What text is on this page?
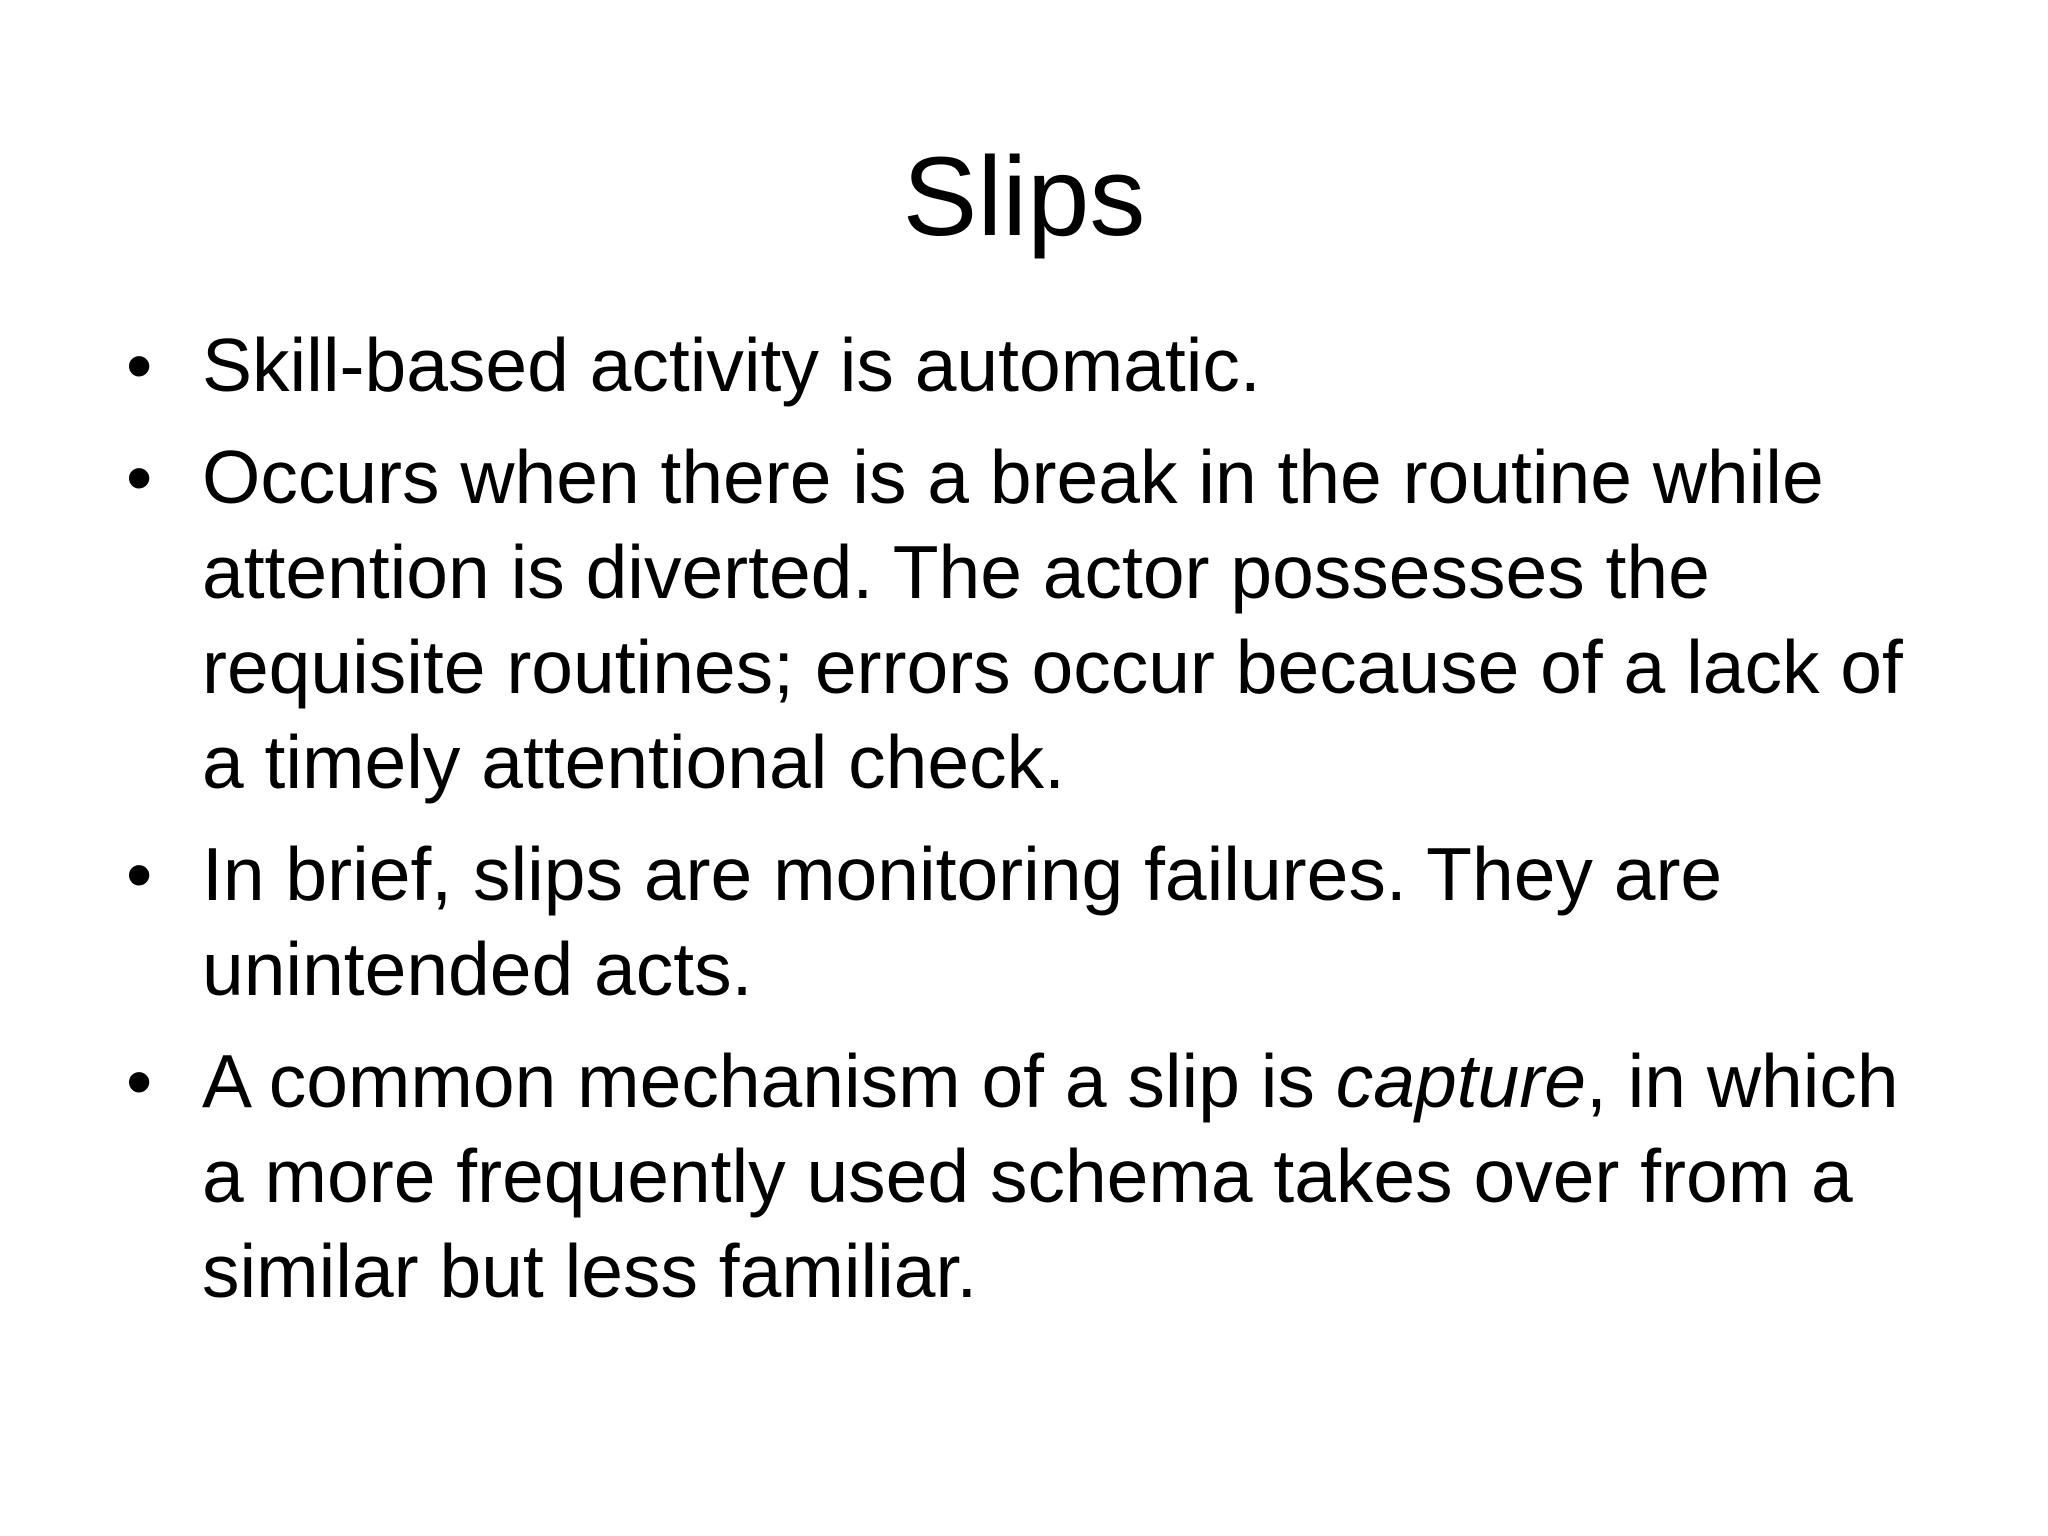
Slips
• Skill-based activity is automatic.
• Occurs when there is a break in the routine while attention is diverted. The actor possesses the requisite routines; errors occur because of a lack of a timely attentional check.
• In brief, slips are monitoring failures. They are unintended acts.
• A common mechanism of a slip is capture, in which a more frequently used schema takes over from a similar but less familiar.
